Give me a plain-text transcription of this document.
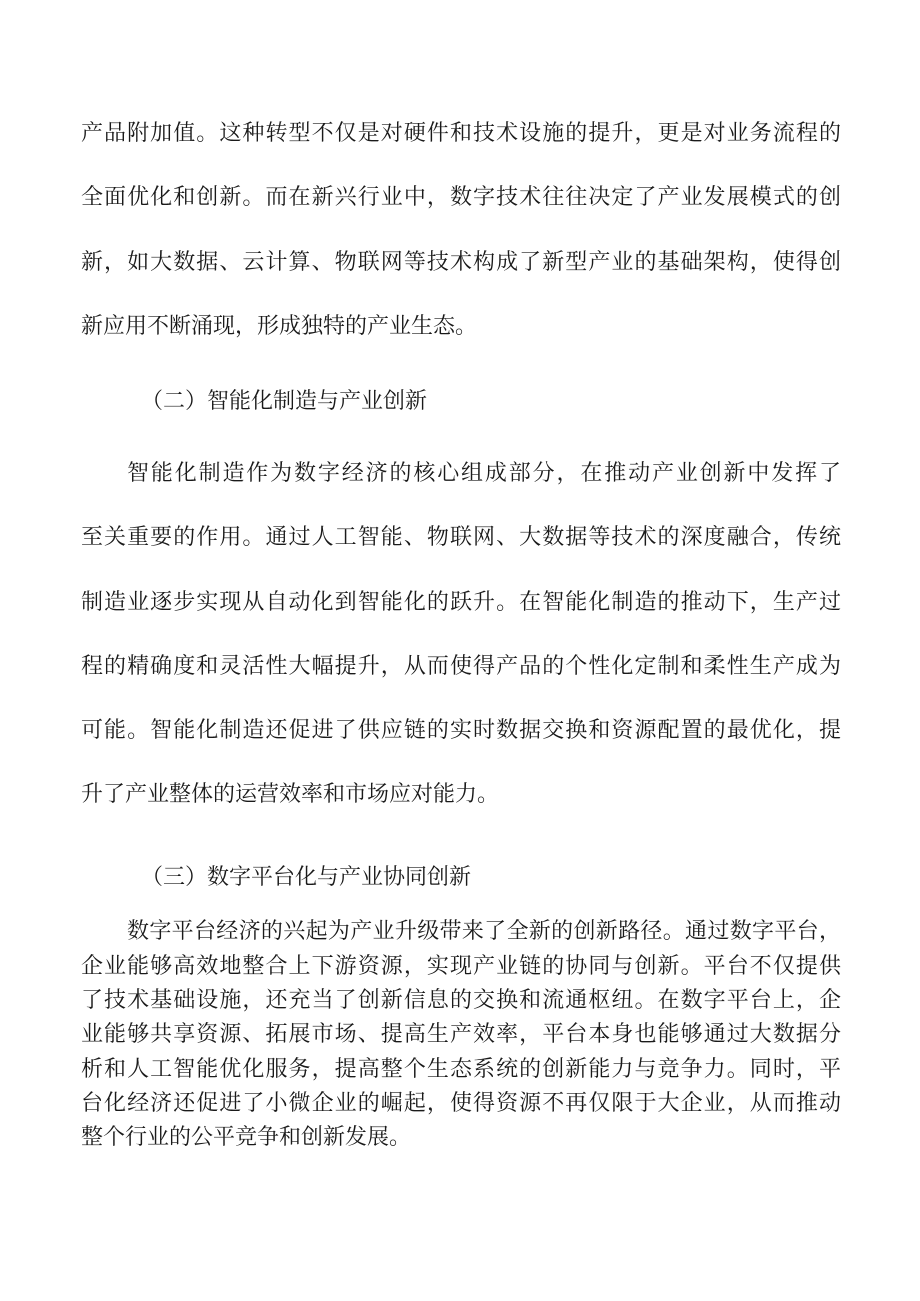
产品附加值。这种转型不仅是对硬件和技术设施的提升，更是对业务流程的
全面优化和创新。而在新兴行业中，数字技术往往决定了产业发展模式的创
新，如大数据、云计算、物联网等技术构成了新型产业的基础架构，使得创
新应用不断涌现，形成独特的产业生态。
（二）智能化制造与产业创新
智能化制造作为数字经济的核心组成部分，在推动产业创新中发挥了
至关重要的作用。通过人工智能、物联网、大数据等技术的深度融合，传统
制造业逐步实现从自动化到智能化的跃升。在智能化制造的推动下，生产过
程的精确度和灵活性大幅提升，从而使得产品的个性化定制和柔性生产成为
可能。智能化制造还促进了供应链的实时数据交换和资源配置的最优化，提
升了产业整体的运营效率和市场应对能力。
（三）数字平台化与产业协同创新
数字平台经济的兴起为产业升级带来了全新的创新路径。通过数字平台，
企业能够高效地整合上下游资源，实现产业链的协同与创新。平台不仅提供
了技术基础设施，还充当了创新信息的交换和流通枢纽。在数字平台上，企
业能够共享资源、拓展市场、提高生产效率，平台本身也能够通过大数据分
析和人工智能优化服务，提高整个生态系统的创新能力与竞争力。同时，平
台化经济还促进了小微企业的崛起，使得资源不再仅限于大企业，从而推动
整个行业的公平竞争和创新发展。
